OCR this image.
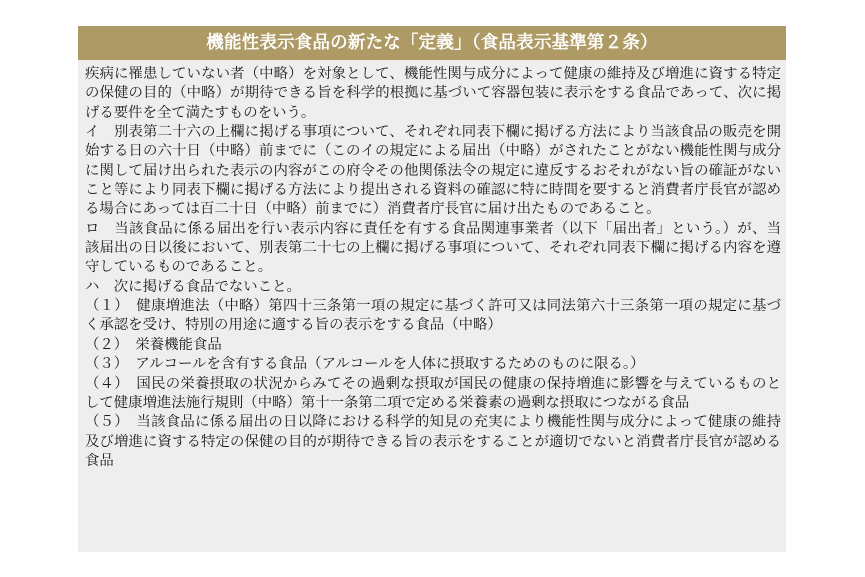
機能性表示食品の新たな「定義」（食品表示基準第２条）

疾病に罹患していない者（中略）を対象として、機能性関与成分によって健康の維持及び増進に資する特定の保健の目的（中略）が期待できる旨を科学的根拠に基づいて容器包装に表示をする食品であって、次に掲げる要件を全て満たすものをいう。

イ　別表第二十六の上欄に掲げる事項について、それぞれ同表下欄に掲げる方法により当該食品の販売を開始する日の六十日（中略）前までに（このイの規定による届出（中略）がされたことがない機能性関与成分に関して届け出られた表示の内容がこの府令その他関係法令の規定に違反するおそれがない旨の確証がないこと等により同表下欄に掲げる方法により提出される資料の確認に特に時間を要すると消費者庁長官が認める場合にあっては百二十日（中略）前までに）消費者庁長官に届け出たものであること。

ロ　当該食品に係る届出を行い表示内容に責任を有する食品関連事業者（以下「届出者」という。）が、当該届出の日以後において、別表第二十七の上欄に掲げる事項について、それぞれ同表下欄に掲げる内容を遵守しているものであること。

ハ　次に掲げる食品でないこと。

（１）　健康増進法（中略）第四十三条第一項の規定に基づく許可又は同法第六十三条第一項の規定に基づく承認を受け、特別の用途に適する旨の表示をする食品（中略）

（２）　栄養機能食品

（３）　アルコールを含有する食品（アルコールを人体に摂取するためのものに限る。）

（４）　国民の栄養摂取の状況からみてその過剰な摂取が国民の健康の保持増進に影響を与えているものとして健康増進法施行規則（中略）第十一条第二項で定める栄養素の過剰な摂取につながる食品

（５）　当該食品に係る届出の日以降における科学的知見の充実により機能性関与成分によって健康の維持及び増進に資する特定の保健の目的が期待できる旨の表示をすることが適切でないと消費者庁長官が認める食品
